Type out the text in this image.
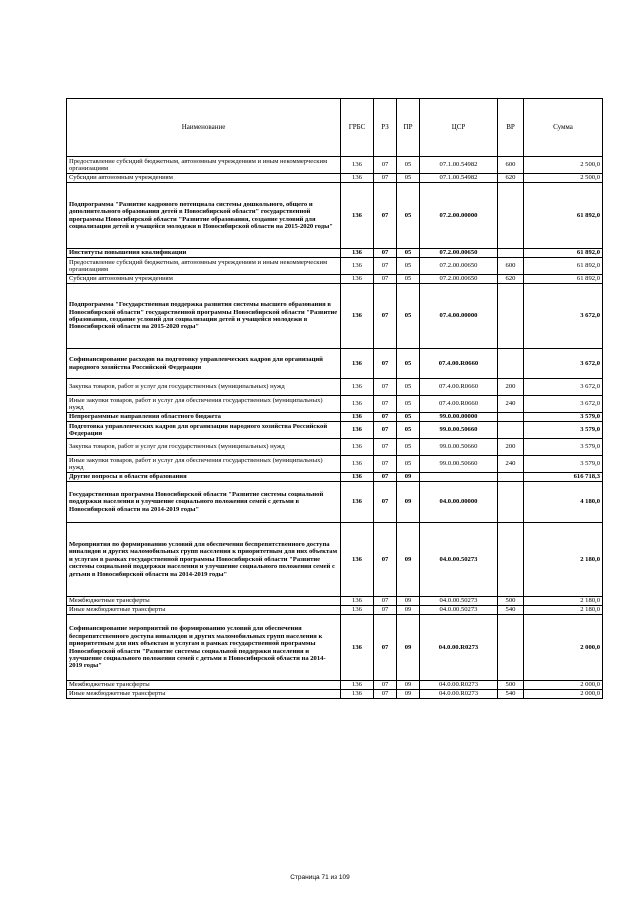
Наименование	ГРБС	РЗ	ПР	ЦСР	ВР	Сумма
Предоставление субсидий бюджетным, автономным учреждениям и иным некоммерческим организациям	136	07	05	07.1.00.54982	600	2 500,0
Субсидии автономным учреждениям	136	07	05	07.1.00.54982	620	2 500,0
Подпрограмма "Развитие кадрового потенциала системы дошкольного, общего и дополнительного образования детей в Новосибирской области" государственной программы Новосибирской области "Развитие образования, создание условий для социализации детей и учащейся молодежи в Новосибирской области на 2015-2020 годы"	136	07	05	07.2.00.00000		61 892,0
Институты повышения квалификации	136	07	05	07.2.00.00650		61 892,0
Предоставление субсидий бюджетным, автономным учреждениям и иным некоммерческим организациям	136	07	05	07.2.00.00650	600	61 892,0
Субсидии автономным учреждениям	136	07	05	07.2.00.00650	620	61 892,0
Подпрограмма "Государственная поддержка развития системы высшего образования в Новосибирской области" государственной программы Новосибирской области "Развитие образования, создание условий для социализации детей и учащейся молодежи в Новосибирской области на 2015-2020 годы"	136	07	05	07.4.00.00000		3 672,0
Софинансирование расходов на подготовку управленческих кадров для организаций народного хозяйства Российской Федерации	136	07	05	07.4.00.R0660		3 672,0
Закупка товаров, работ и услуг для государственных (муниципальных) нужд	136	07	05	07.4.00.R0660	200	3 672,0
Иные закупки товаров, работ и услуг для обеспечения государственных (муниципальных) нужд	136	07	05	07.4.00.R0660	240	3 672,0
Непрограммные направления областного бюджета	136	07	05	99.0.00.00000		3 579,0
Подготовка управленческих кадров для организации народного хозяйства Российской Федерации	136	07	05	99.0.00.50660		3 579,0
Закупка товаров, работ и услуг для государственных (муниципальных) нужд	136	07	05	99.0.00.50660	200	3 579,0
Иные закупки товаров, работ и услуг для обеспечения государственных (муниципальных) нужд	136	07	05	99.0.00.50660	240	3 579,0
Другие вопросы в области образования	136	07	09			616 718,3
Государственная программа Новосибирской области "Развитие системы социальной поддержки населения и улучшение социального положения семей с детьми в Новосибирской области на 2014-2019 годы"	136	07	09	04.0.00.00000		4 180,0
Мероприятия по формированию условий для обеспечения беспрепятственного доступа инвалидов и других маломобильных групп населения к приоритетным для них объектам и услугам в рамках государственной программы Новосибирской области "Развитие системы социальной поддержки населения и улучшение социального положения семей с детьми в Новосибирской области на 2014-2019 годы"	136	07	09	04.0.00.50273		2 180,0
Межбюджетные трансферты	136	07	09	04.0.00.50273	500	2 180,0
Иные межбюджетные трансферты	136	07	09	04.0.00.50273	540	2 180,0
Софинансирование мероприятий по формированию условий для обеспечения беспрепятственного доступа инвалидов и других маломобильных групп населения к приоритетным для них объектам и услугам в рамках государственной программы Новосибирской области "Развитие системы социальной поддержки населения и улучшение социального положения семей с детьми в Новосибирской области на 2014-2019 годы"	136	07	09	04.0.00.R0273		2 000,0
Межбюджетные трансферты	136	07	09	04.0.00.R0273	500	2 000,0
Иные межбюджетные трансферты	136	07	09	04.0.00.R0273	540	2 000,0
Страница 71 из 109
